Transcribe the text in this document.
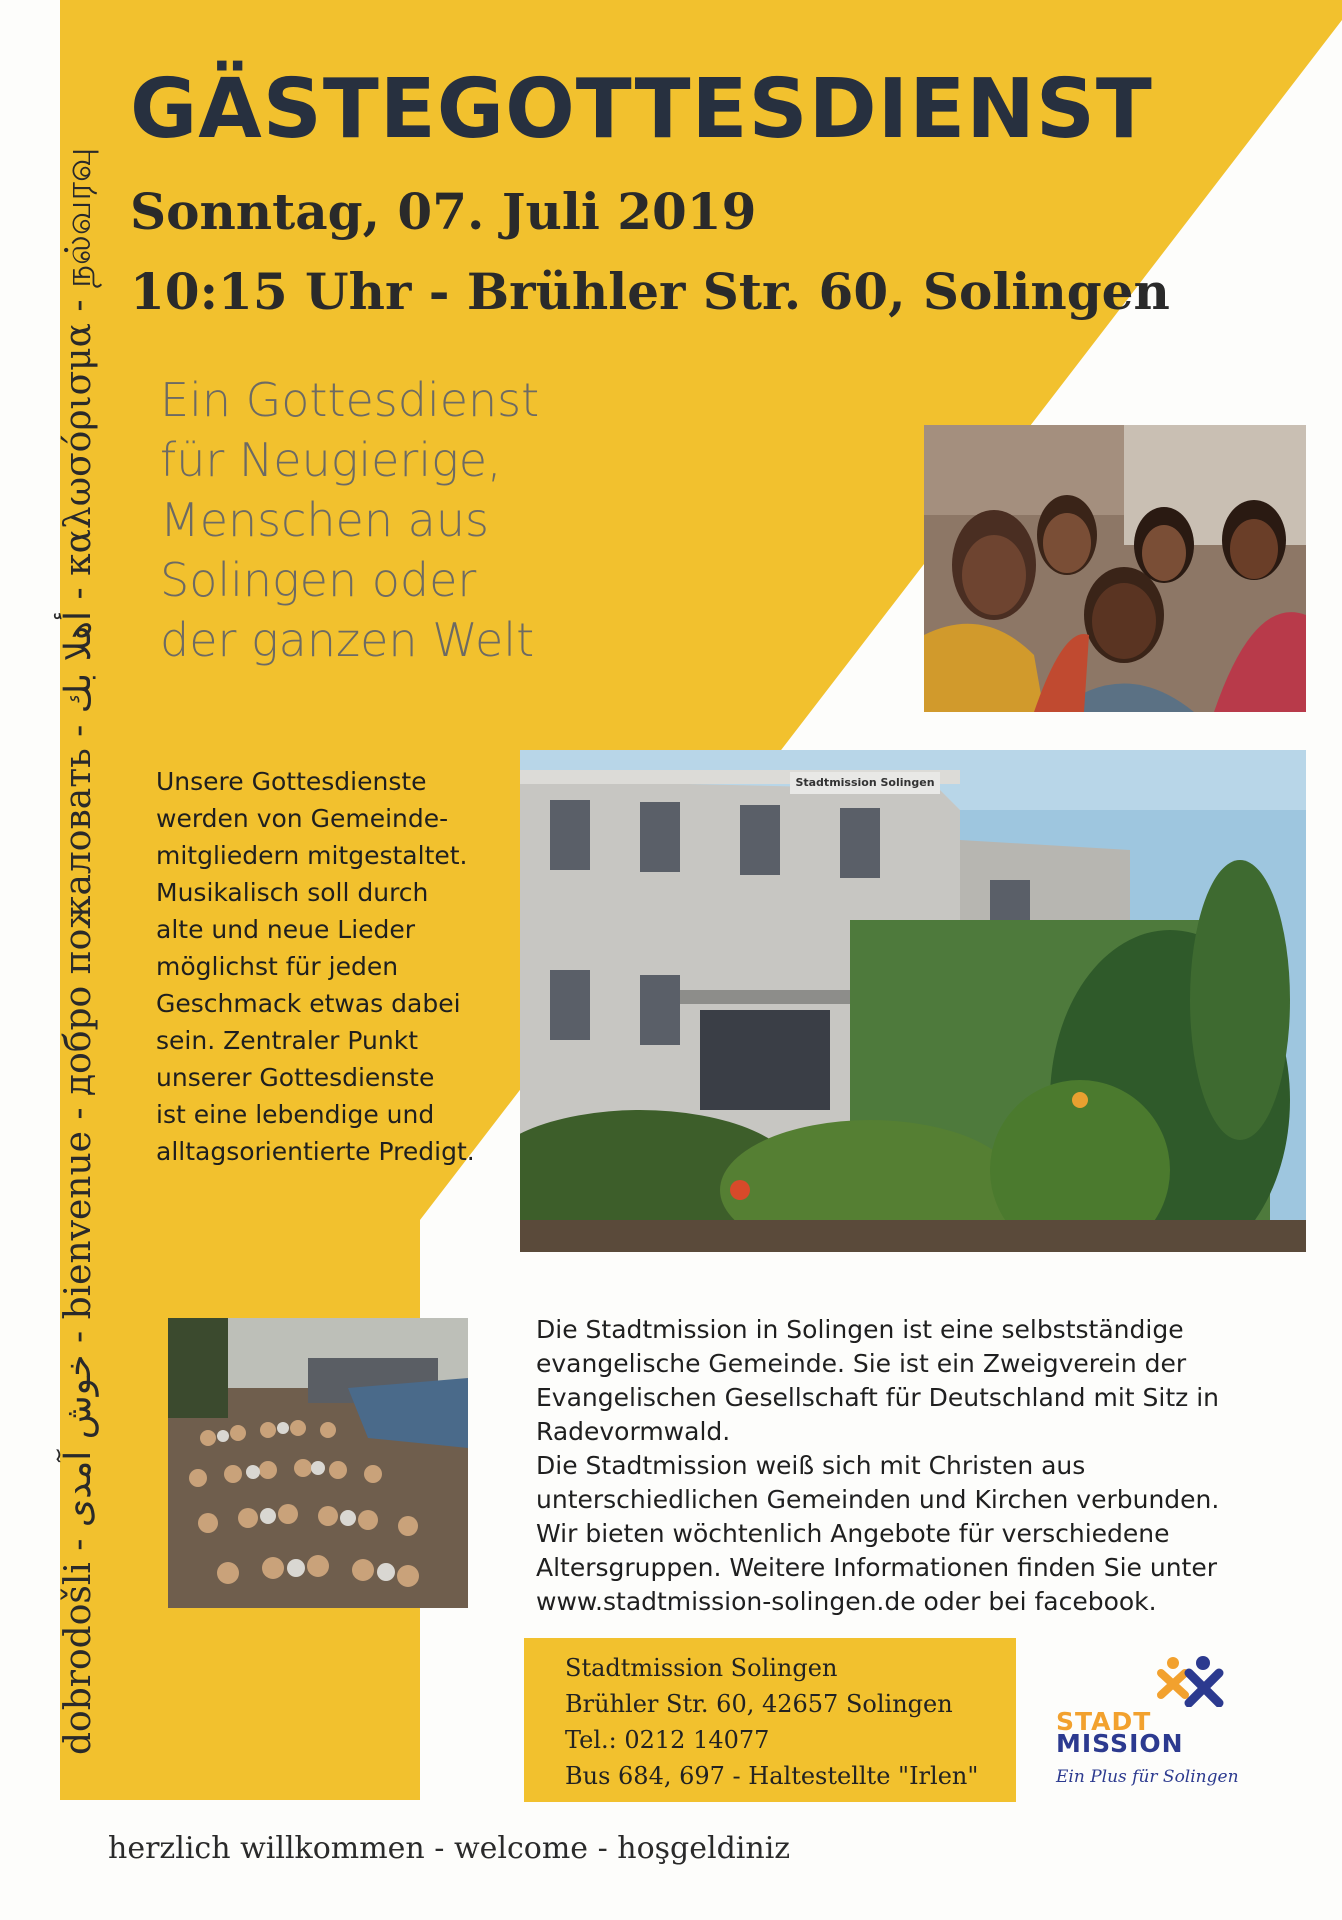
GÄSTEGOTTESDIENST
Sonntag, 07. Juli 2019
10:15 Uhr - Brühler Str. 60, Solingen
Ein Gottesdienst
für Neugierige,
Menschen aus
Solingen oder
der ganzen Welt
dobrodošli - خوش آمدی - bienvenue - добро пожаловать - أهلا بك - καλωσόρισμα - நல்வரவு
Stadtmission Solingen
Unsere Gottesdienste
werden von Gemeinde-
mitgliedern mitgestaltet.
Musikalisch soll durch
alte und neue Lieder
möglichst für jeden
Geschmack etwas dabei
sein. Zentraler Punkt
unserer Gottesdienste
ist eine lebendige und
alltagsorientierte Predigt.
Die Stadtmission in Solingen ist eine selbstständige
evangelische Gemeinde. Sie ist ein Zweigverein der
Evangelischen Gesellschaft für Deutschland mit Sitz in
Radevormwald.
Die Stadtmission weiß sich mit Christen aus
unterschiedlichen Gemeinden und Kirchen verbunden.
Wir bieten wöchtenlich Angebote für verschiedene
Altersgruppen. Weitere Informationen finden Sie unter
www.stadtmission-solingen.de oder bei facebook.
Stadtmission Solingen
Brühler Str. 60, 42657 Solingen
Tel.: 0212 14077
Bus 684, 697 - Haltestellte "Irlen"
STADT
MISSION
Ein Plus für Solingen
herzlich willkommen - welcome - hoşgeldiniz
